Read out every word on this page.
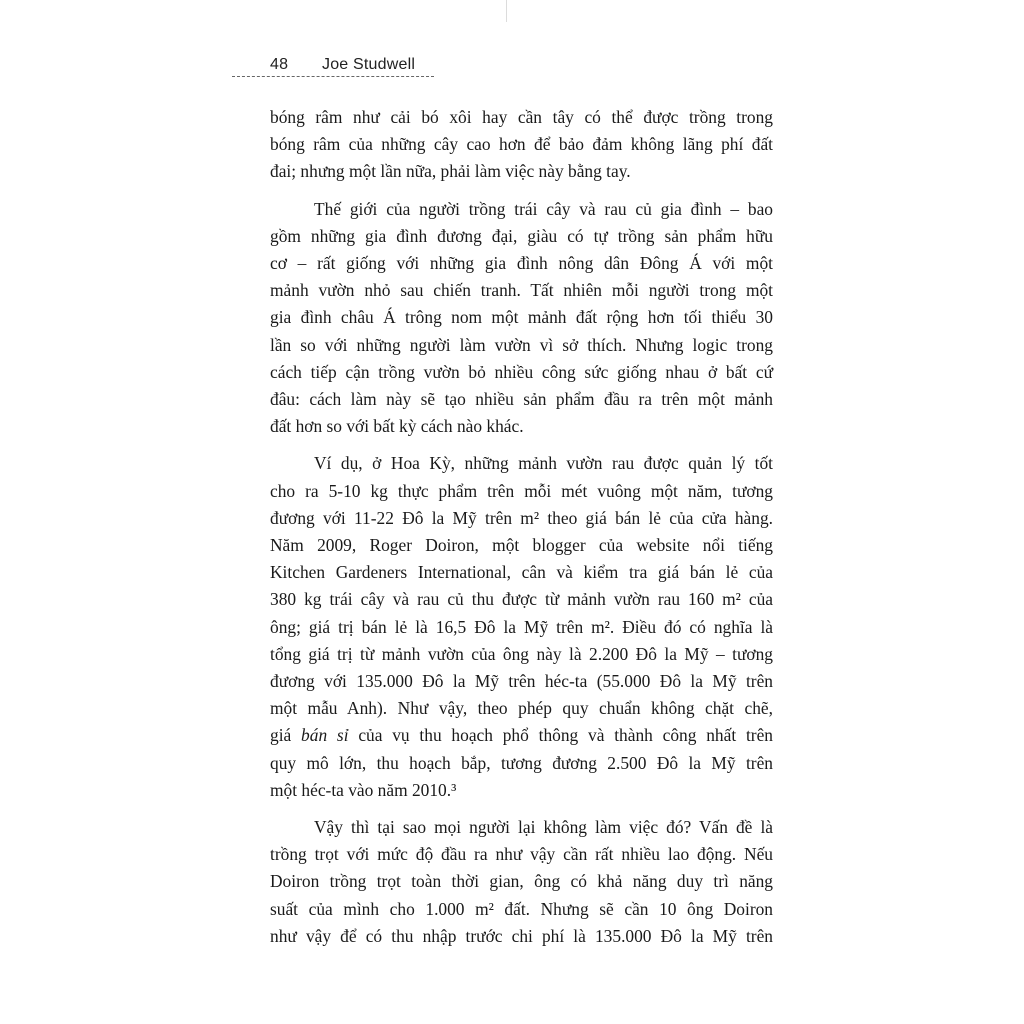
48 Joe Studwell
bóng râm như cải bó xôi hay cần tây có thể được trồng trong
bóng râm của những cây cao hơn để bảo đảm không lãng phí đất
đai; nhưng một lần nữa, phải làm việc này bằng tay.
Thế giới của người trồng trái cây và rau củ gia đình – bao
gồm những gia đình đương đại, giàu có tự trồng sản phẩm hữu
cơ – rất giống với những gia đình nông dân Đông Á với một
mảnh vườn nhỏ sau chiến tranh. Tất nhiên mỗi người trong một
gia đình châu Á trông nom một mảnh đất rộng hơn tối thiểu 30
lần so với những người làm vườn vì sở thích. Nhưng logic trong
cách tiếp cận trồng vườn bỏ nhiều công sức giống nhau ở bất cứ
đâu: cách làm này sẽ tạo nhiều sản phẩm đầu ra trên một mảnh
đất hơn so với bất kỳ cách nào khác.
Ví dụ, ở Hoa Kỳ, những mảnh vườn rau được quản lý tốt
cho ra 5-10 kg thực phẩm trên mỗi mét vuông một năm, tương
đương với 11-22 Đô la Mỹ trên m² theo giá bán lẻ của cửa hàng.
Năm 2009, Roger Doiron, một blogger của website nổi tiếng
Kitchen Gardeners International, cân và kiểm tra giá bán lẻ của
380 kg trái cây và rau củ thu được từ mảnh vườn rau 160 m² của
ông; giá trị bán lẻ là 16,5 Đô la Mỹ trên m². Điều đó có nghĩa là
tổng giá trị từ mảnh vườn của ông này là 2.200 Đô la Mỹ – tương
đương với 135.000 Đô la Mỹ trên héc-ta (55.000 Đô la Mỹ trên
một mẫu Anh). Như vậy, theo phép quy chuẩn không chặt chẽ,
giá bán sỉ của vụ thu hoạch phổ thông và thành công nhất trên
quy mô lớn, thu hoạch bắp, tương đương 2.500 Đô la Mỹ trên
một héc-ta vào năm 2010.³
Vậy thì tại sao mọi người lại không làm việc đó? Vấn đề là
trồng trọt với mức độ đầu ra như vậy cần rất nhiều lao động. Nếu
Doiron trồng trọt toàn thời gian, ông có khả năng duy trì năng
suất của mình cho 1.000 m² đất. Nhưng sẽ cần 10 ông Doiron
như vậy để có thu nhập trước chi phí là 135.000 Đô la Mỹ trên
